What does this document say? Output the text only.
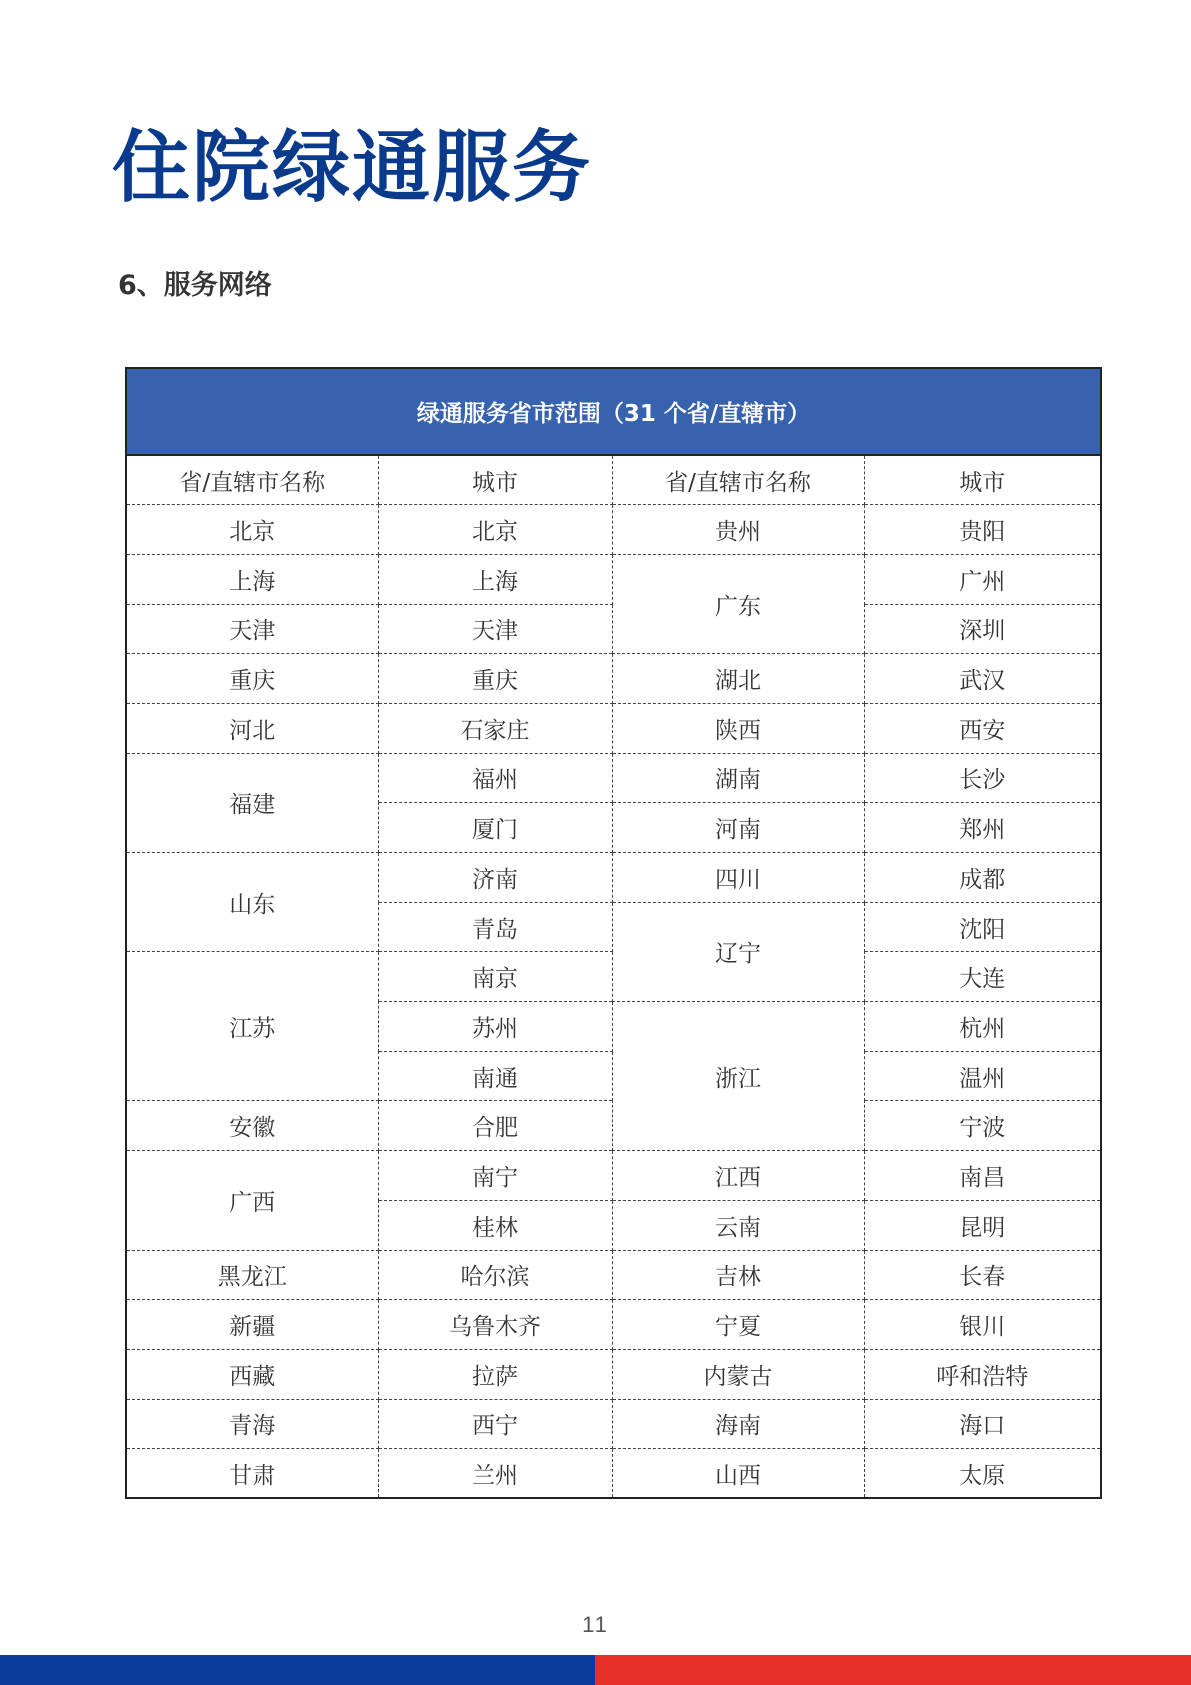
住院绿通服务
6、服务网络
绿通服务省市范围（31 个省/直辖市）			
省/直辖市名称	城市	省/直辖市名称	城市
北京	北京	贵州	贵阳
上海	上海	广东	广州
天津	天津		深圳
重庆	重庆	湖北	武汉
河北	石家庄	陕西	西安
福建	福州	湖南	长沙
	厦门	河南	郑州
山东	济南	四川	成都
	青岛	辽宁	沈阳
江苏	南京		大连
	苏州	浙江	杭州
	南通		温州
安徽	合肥		宁波
广西	南宁	江西	南昌
	桂林	云南	昆明
黑龙江	哈尔滨	吉林	长春
新疆	乌鲁木齐	宁夏	银川
西藏	拉萨	内蒙古	呼和浩特
青海	西宁	海南	海口
甘肃	兰州	山西	太原
11
